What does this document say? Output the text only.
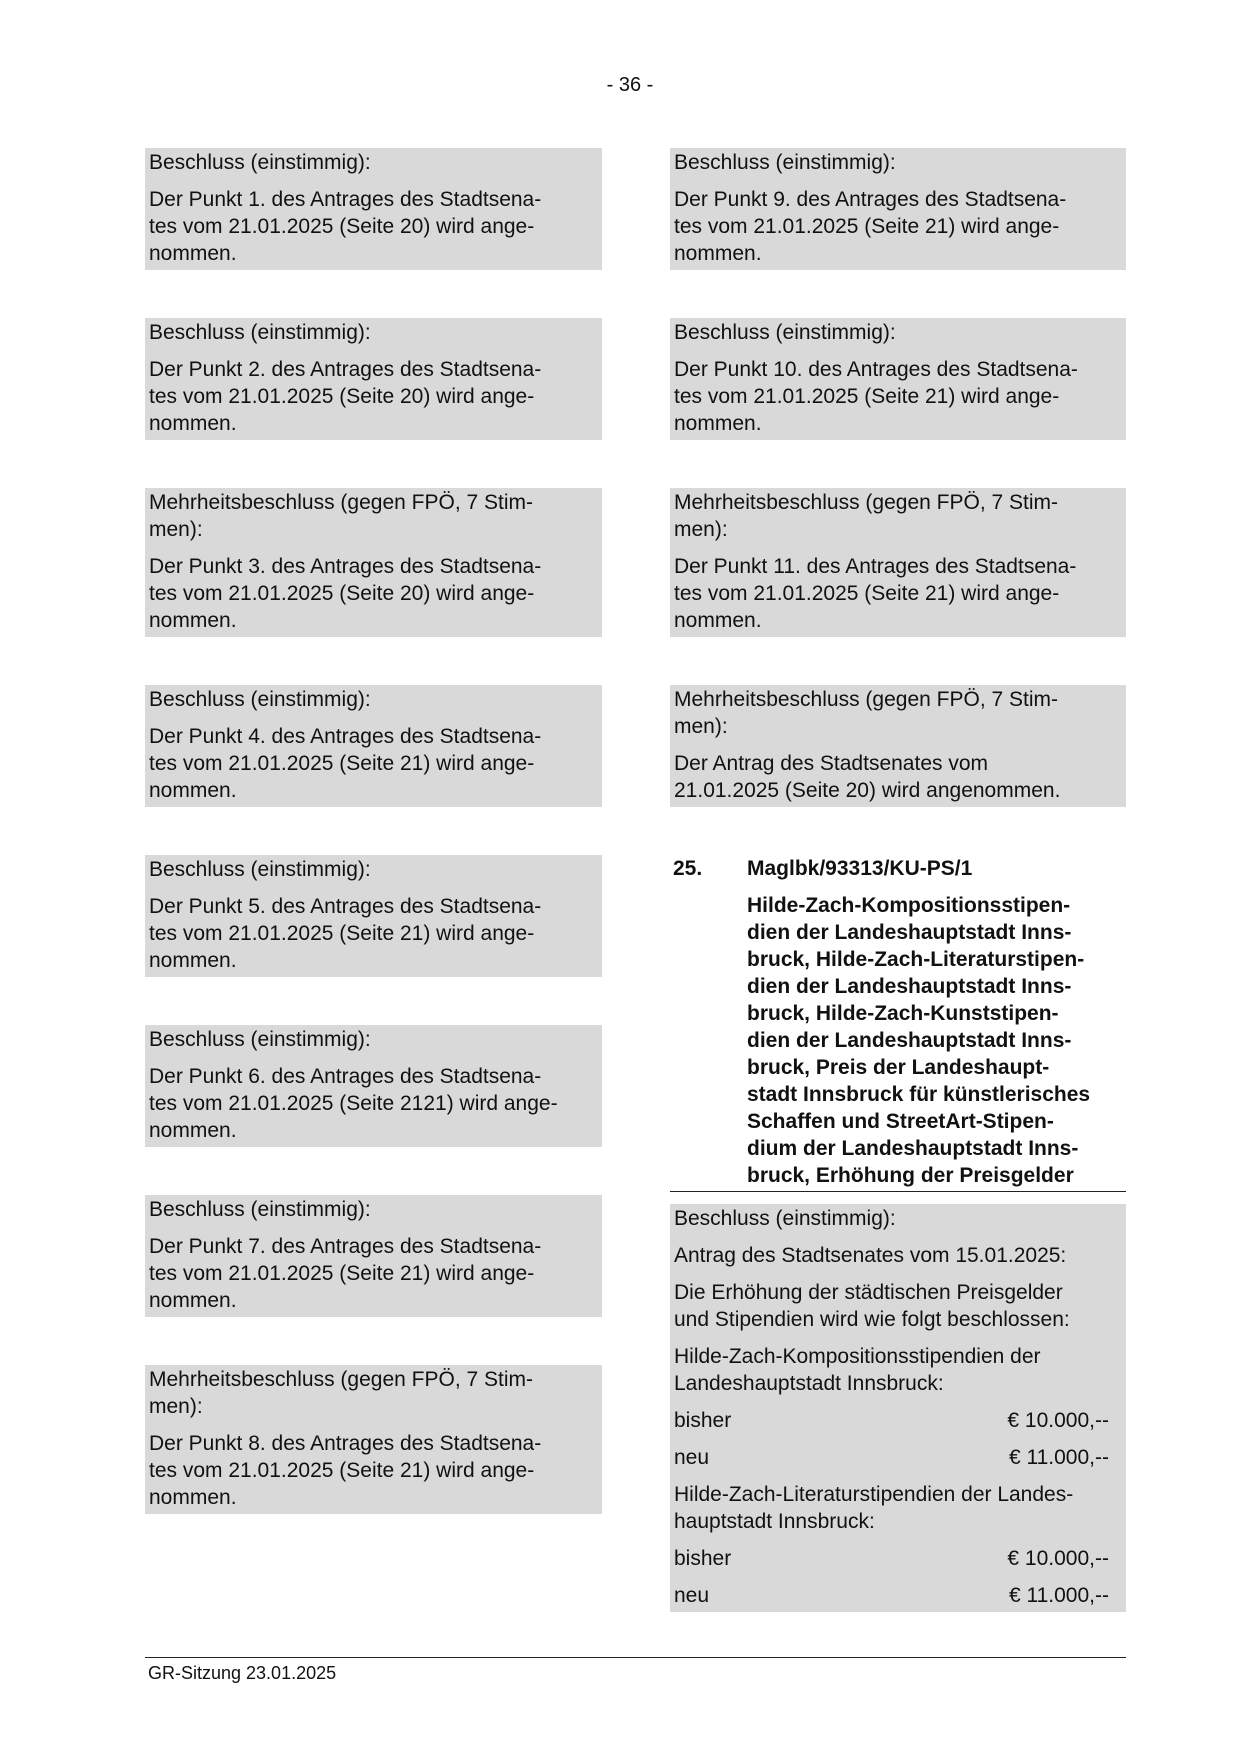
- 36 -
Beschluss (einstimmig):
Der Punkt 1. des Antrages des Stadtsena-
tes vom 21.01.2025 (Seite 20) wird ange-
nommen.
Beschluss (einstimmig):
Der Punkt 2. des Antrages des Stadtsena-
tes vom 21.01.2025 (Seite 20) wird ange-
nommen.
Mehrheitsbeschluss (gegen FPÖ, 7 Stim-
men):
Der Punkt 3. des Antrages des Stadtsena-
tes vom 21.01.2025 (Seite 20) wird ange-
nommen.
Beschluss (einstimmig):
Der Punkt 4. des Antrages des Stadtsena-
tes vom 21.01.2025 (Seite 21) wird ange-
nommen.
Beschluss (einstimmig):
Der Punkt 5. des Antrages des Stadtsena-
tes vom 21.01.2025 (Seite 21) wird ange-
nommen.
Beschluss (einstimmig):
Der Punkt 6. des Antrages des Stadtsena-
tes vom 21.01.2025 (Seite 2121) wird ange-
nommen.
Beschluss (einstimmig):
Der Punkt 7. des Antrages des Stadtsena-
tes vom 21.01.2025 (Seite 21) wird ange-
nommen.
Mehrheitsbeschluss (gegen FPÖ, 7 Stim-
men):
Der Punkt 8. des Antrages des Stadtsena-
tes vom 21.01.2025 (Seite 21) wird ange-
nommen.
Beschluss (einstimmig):
Der Punkt 9. des Antrages des Stadtsena-
tes vom 21.01.2025 (Seite 21) wird ange-
nommen.
Beschluss (einstimmig):
Der Punkt 10. des Antrages des Stadtsena-
tes vom 21.01.2025 (Seite 21) wird ange-
nommen.
Mehrheitsbeschluss (gegen FPÖ, 7 Stim-
men):
Der Punkt 11. des Antrages des Stadtsena-
tes vom 21.01.2025 (Seite 21) wird ange-
nommen.
Mehrheitsbeschluss (gegen FPÖ, 7 Stim-
men):
Der Antrag des Stadtsenates vom
21.01.2025 (Seite 20) wird angenommen.
25.	Maglbk/93313/KU-PS/1
Hilde-Zach-Kompositionsstipen-
dien der Landeshauptstadt Inns-
bruck, Hilde-Zach-Literaturstipen-
dien der Landeshauptstadt Inns-
bruck, Hilde-Zach-Kunststipen-
dien der Landeshauptstadt Inns-
bruck, Preis der Landeshaupt-
stadt Innsbruck für künstlerisches
Schaffen und StreetArt-Stipen-
dium der Landeshauptstadt Inns-
bruck, Erhöhung der Preisgelder
Beschluss (einstimmig):
Antrag des Stadtsenates vom 15.01.2025:
Die Erhöhung der städtischen Preisgelder
und Stipendien wird wie folgt beschlossen:
Hilde-Zach-Kompositionsstipendien der
Landeshauptstadt Innsbruck:
bisher	€ 10.000,--
neu	€ 11.000,--
Hilde-Zach-Literaturstipendien der Landes-
hauptstadt Innsbruck:
bisher	€ 10.000,--
neu	€ 11.000,--
GR-Sitzung 23.01.2025
